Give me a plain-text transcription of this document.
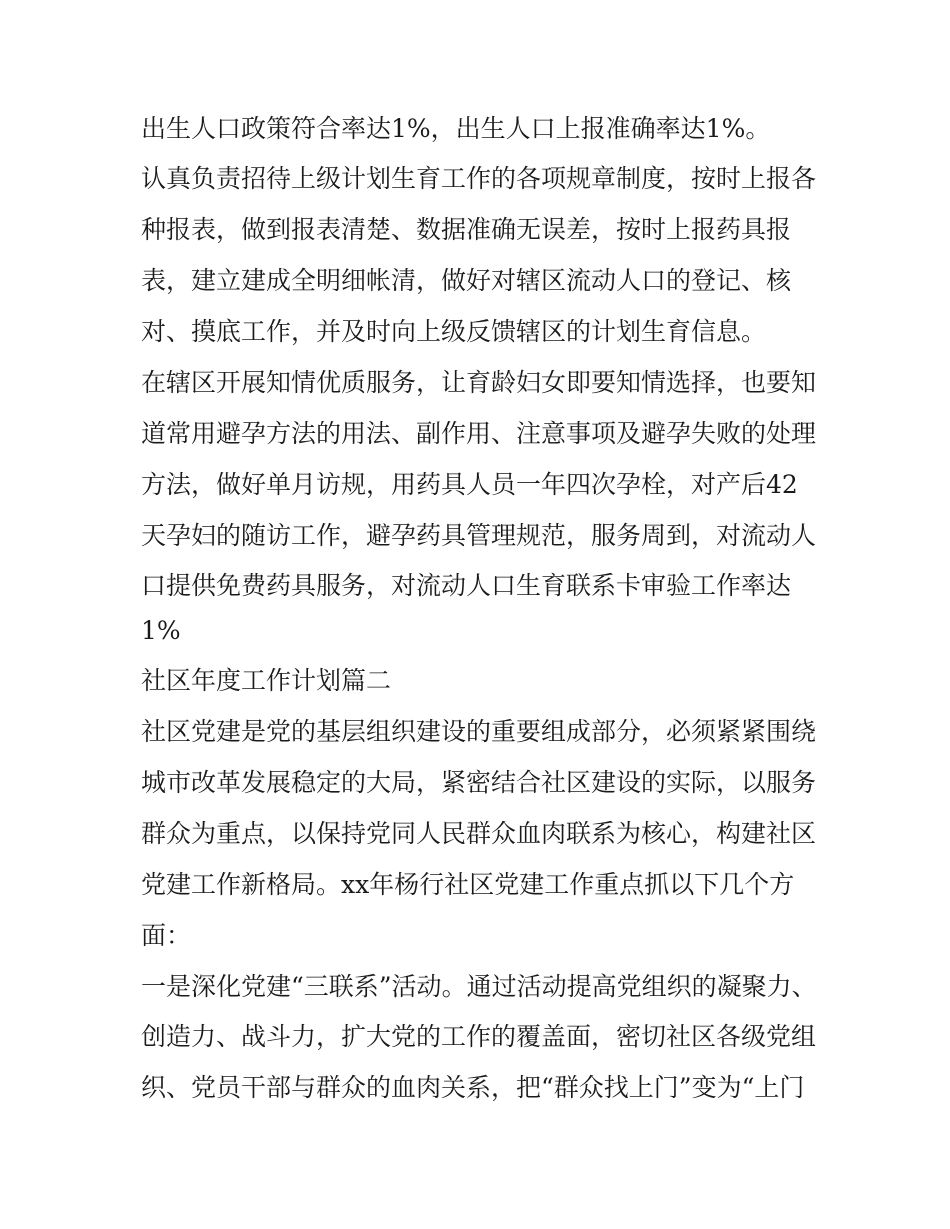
出生人口政策符合率达1%，出生人口上报准确率达1%。
认真负责招待上级计划生育工作的各项规章制度，按时上报各
种报表，做到报表清楚、数据准确无误差，按时上报药具报
表，建立建成全明细帐清，做好对辖区流动人口的登记、核
对、摸底工作，并及时向上级反馈辖区的计划生育信息。
在辖区开展知情优质服务，让育龄妇女即要知情选择，也要知
道常用避孕方法的用法、副作用、注意事项及避孕失败的处理
方法，做好单月访规，用药具人员一年四次孕栓，对产后42
天孕妇的随访工作，避孕药具管理规范，服务周到，对流动人
口提供免费药具服务，对流动人口生育联系卡审验工作率达
1%
社区年度工作计划篇二
社区党建是党的基层组织建设的重要组成部分，必须紧紧围绕
城市改革发展稳定的大局，紧密结合社区建设的实际，以服务
群众为重点，以保持党同人民群众血肉联系为核心，构建社区
党建工作新格局。xx年杨行社区党建工作重点抓以下几个方
面：
一是深化党建“三联系”活动。通过活动提高党组织的凝聚力、
创造力、战斗力，扩大党的工作的覆盖面，密切社区各级党组
织、党员干部与群众的血肉关系，把“群众找上门”变为“上门
